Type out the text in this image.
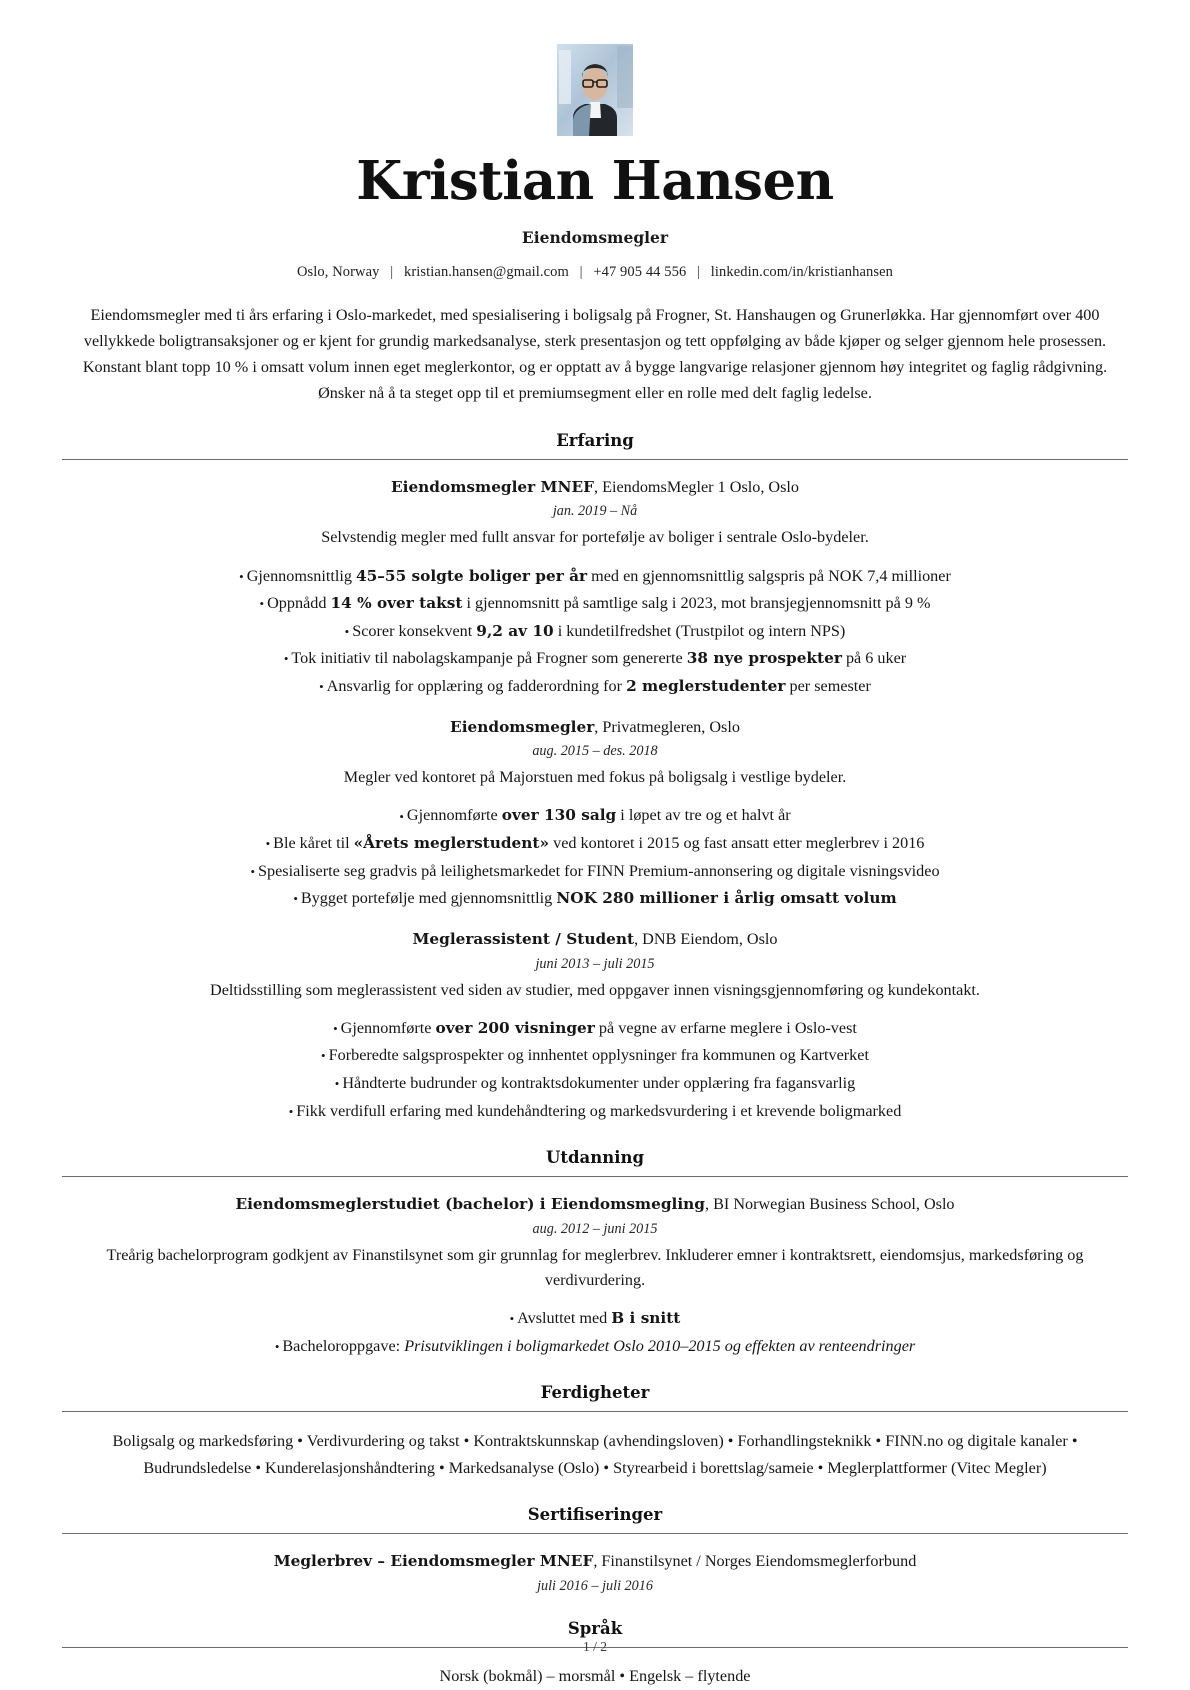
Kristian Hansen
Eiendomsmegler
Oslo, Norway | kristian.hansen@gmail.com | +47 905 44 556 | linkedin.com/in/kristianhansen
Eiendomsmegler med ti års erfaring i Oslo-markedet, med spesialisering i boligsalg på Frogner, St. Hanshaugen og Grunerløkka. Har gjennomført over 400 vellykkede boligtransaksjoner og er kjent for grundig markedsanalyse, sterk presentasjon og tett oppfølging av både kjøper og selger gjennom hele prosessen. Konstant blant topp 10 % i omsatt volum innen eget meglerkontor, og er opptatt av å bygge langvarige relasjoner gjennom høy integritet og faglig rådgivning. Ønsker nå å ta steget opp til et premiumsegment eller en rolle med delt faglig ledelse.
Erfaring
Eiendomsmegler MNEF, EiendomsMegler 1 Oslo, Oslo
jan. 2019 – Nå
Selvstendig megler med fullt ansvar for portefølje av boliger i sentrale Oslo-bydeler.
• Gjennomsnittlig 45–55 solgte boliger per år med en gjennomsnittlig salgspris på NOK 7,4 millioner
• Oppnådd 14 % over takst i gjennomsnitt på samtlige salg i 2023, mot bransjegjennomsnitt på 9 %
• Scorer konsekvent 9,2 av 10 i kundetilfredshet (Trustpilot og intern NPS)
• Tok initiativ til nabolagskampanje på Frogner som genererte 38 nye prospekter på 6 uker
• Ansvarlig for opplæring og fadderordning for 2 meglerstudenter per semester
Eiendomsmegler, Privatmegleren, Oslo
aug. 2015 – des. 2018
Megler ved kontoret på Majorstuen med fokus på boligsalg i vestlige bydeler.
• Gjennomførte over 130 salg i løpet av tre og et halvt år
• Ble kåret til «Årets meglerstudent» ved kontoret i 2015 og fast ansatt etter meglerbrev i 2016
• Spesialiserte seg gradvis på leilighetsmarkedet for FINN Premium-annonsering og digitale visningsvideo
• Bygget portefølje med gjennomsnittlig NOK 280 millioner i årlig omsatt volum
Meglerassistent / Student, DNB Eiendom, Oslo
juni 2013 – juli 2015
Deltidsstilling som meglerassistent ved siden av studier, med oppgaver innen visningsgjennomføring og kundekontakt.
• Gjennomførte over 200 visninger på vegne av erfarne meglere i Oslo-vest
• Forberedte salgsprospekter og innhentet opplysninger fra kommunen og Kartverket
• Håndterte budrunder og kontraktsdokumenter under opplæring fra fagansvarlig
• Fikk verdifull erfaring med kundehåndtering og markedsvurdering i et krevende boligmarked
Utdanning
Eiendomsmeglerstudiet (bachelor) i Eiendomsmegling, BI Norwegian Business School, Oslo
aug. 2012 – juni 2015
Treårig bachelorprogram godkjent av Finanstilsynet som gir grunnlag for meglerbrev. Inkluderer emner i kontraktsrett, eiendomsjus, markedsføring og verdivurdering.
• Avsluttet med B i snitt
• Bacheloroppgave: Prisutviklingen i boligmarkedet Oslo 2010–2015 og effekten av renteendringer
Ferdigheter
Boligsalg og markedsføring • Verdivurdering og takst • Kontraktskunnskap (avhendingsloven) • Forhandlingsteknikk • FINN.no og digitale kanaler • Budrundsledelse • Kunderelasjonshåndtering • Markedsanalyse (Oslo) • Styrearbeid i borettslag/sameie • Meglerplattformer (Vitec Megler)
Sertifiseringer
Meglerbrev – Eiendomsmegler MNEF, Finanstilsynet / Norges Eiendomsmeglerforbund
juli 2016 – juli 2016
Språk
Norsk (bokmål) – morsmål • Engelsk – flytende
1 / 2
